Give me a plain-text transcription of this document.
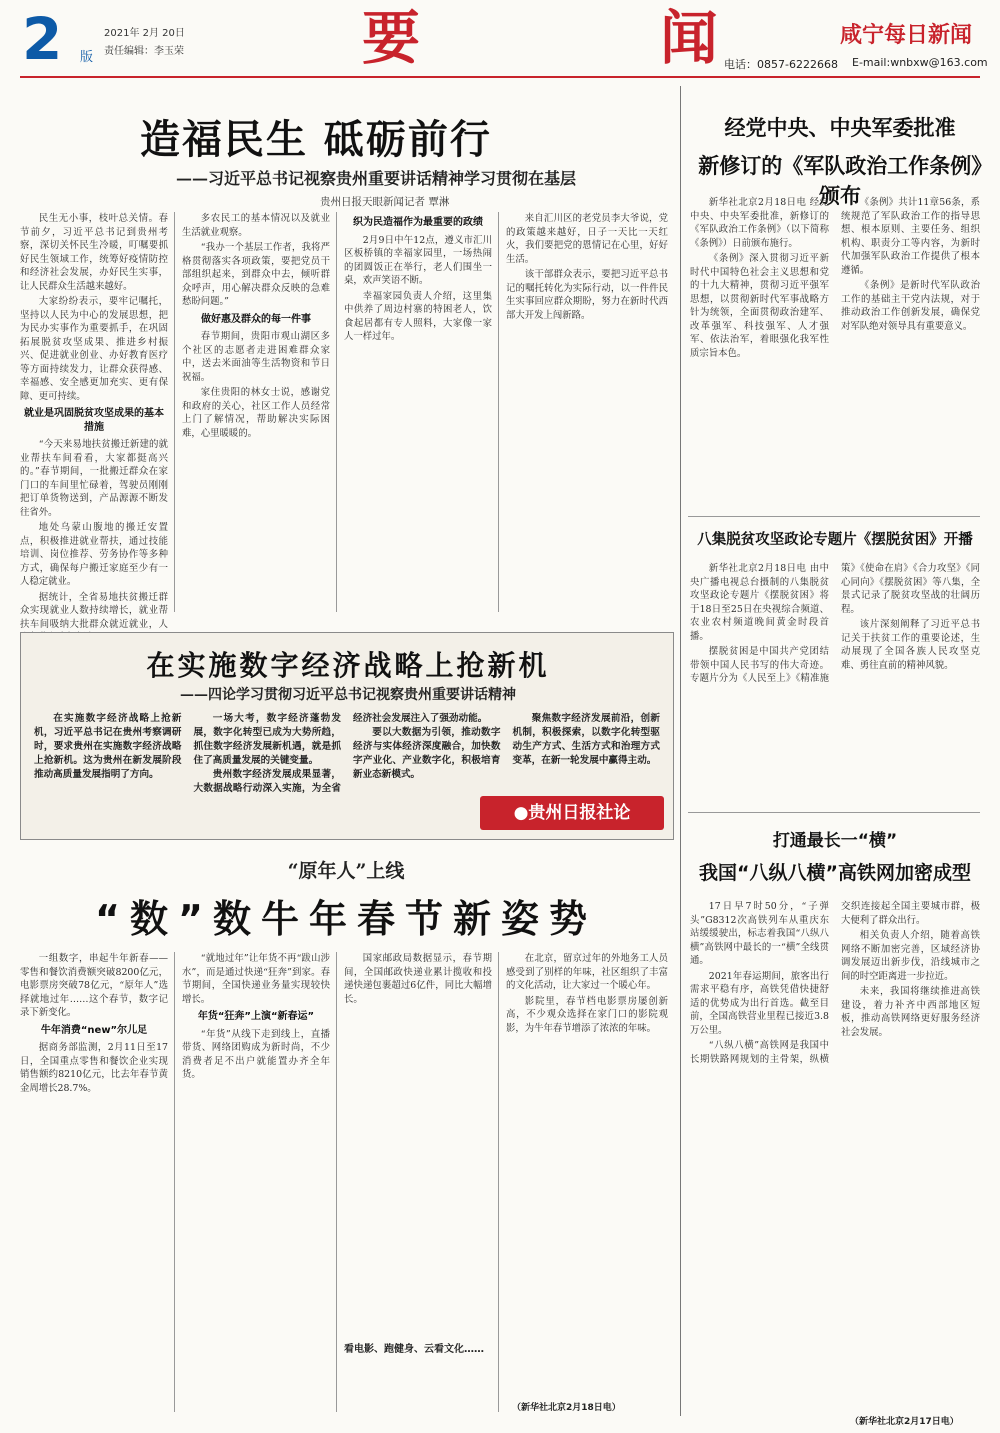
2 版
2021年 2月 20日
责任编辑：李玉荣	要	闻	咸宁每日新闻
电话：0857-6222668 E-mail:wnbxw@163.com
造福民生 砥砺前行
——习近平总书记视察贵州重要讲话精神学习贯彻在基层
贵州日报天眼新闻记者 覃淋

民生无小事，枝叶总关情。春节前夕，习近平总书记到贵州考察，深切关怀民生冷暖，叮嘱要抓好民生领域工作，统筹好疫情防控和经济社会发展，办好民生实事，让人民群众生活越来越好。

大家纷纷表示，要牢记嘱托，坚持以人民为中心的发展思想，把为民办实事作为重要抓手，在巩固拓展脱贫攻坚成果、推进乡村振兴、促进就业创业、办好教育医疗等方面持续发力，让群众获得感、幸福感、安全感更加充实、更有保障、更可持续。

就业是巩固脱贫攻坚成果的基本措施

“今天来易地扶贫搬迁新建的就业帮扶车间看看，大家都挺高兴的。”春节期间，一批搬迁群众在家门口的车间里忙碌着，驾驶员刚刚把订单货物送到，产品源源不断发往省外。

地处乌蒙山腹地的搬迁安置点，积极推进就业帮扶，通过技能培训、岗位推荐、劳务协作等多种方式，确保每户搬迁家庭至少有一人稳定就业。

据统计，全省易地扶贫搬迁群众实现就业人数持续增长，就业帮扶车间吸纳大批群众就近就业，人

多农民工的基本情况以及就业生活就业观察。

“我办一个基层工作者，我将严格贯彻落实各项政策，要把党员干部组织起来，到群众中去，倾听群众呼声，用心解决群众反映的急难愁盼问题。”

做好惠及群众的每一件事

春节期间，贵阳市观山湖区多个社区的志愿者走进困难群众家中，送去米面油等生活物资和节日祝福。

家住贵阳的林女士说，感谢党和政府的关心，社区工作人员经常上门了解情况，帮助解决实际困难，心里暖暖的。

织为民造福作为最重要的政绩

2月9日中午12点，遵义市汇川区板桥镇的幸福家园里，一场热闹的团圆饭正在举行，老人们围坐一桌，欢声笑语不断。

幸福家园负责人介绍，这里集中供养了周边村寨的特困老人，饮食起居都有专人照料，大家像一家人一样过年。

来自汇川区的老党员李大爷说，党的政策越来越好，日子一天比一天红火，我们要把党的恩情记在心里，好好生活。

该干部群众表示，要把习近平总书记的嘱托转化为实际行动，以一件件民生实事回应群众期盼，努力在新时代西部大开发上闯新路。

经党中央、中央军委批准
新修订的《军队政治工作条例》颁布

新华社北京2月18日电 经党中央、中央军委批准，新修订的《军队政治工作条例》（以下简称《条例》）日前颁布施行。

《条例》深入贯彻习近平新时代中国特色社会主义思想和党的十九大精神，贯彻习近平强军思想，以贯彻新时代军事战略方针为统领，全面贯彻政治建军、改革强军、科技强军、人才强军、依法治军，着眼强化我军性质宗旨本色。

《条例》共计11章56条，系统规范了军队政治工作的指导思想、根本原则、主要任务、组织机构、职责分工等内容，为新时代加强军队政治工作提供了根本遵循。

《条例》是新时代军队政治工作的基础主干党内法规，对于推动政治工作创新发展，确保党对军队绝对领导具有重要意义。

八集脱贫攻坚政论专题片《摆脱贫困》开播

新华社北京2月18日电 由中央广播电视总台摄制的八集脱贫攻坚政论专题片《摆脱贫困》将于18日至25日在央视综合频道、农业农村频道晚间黄金时段首播。

摆脱贫困是中国共产党团结带领中国人民书写的伟大奇迹。专题片分为《人民至上》《精准施策》《使命在肩》《合力攻坚》《同心同向》《摆脱贫困》等八集，全景式记录了脱贫攻坚战的壮阔历程。

该片深刻阐释了习近平总书记关于扶贫工作的重要论述，生动展现了全国各族人民攻坚克难、勇往直前的精神风貌。

在实施数字经济战略上抢新机
——四论学习贯彻习近平总书记视察贵州重要讲话精神

在实施数字经济战略上抢新机，习近平总书记在贵州考察调研时，要求贵州在实施数字经济战略上抢新机。这为贵州在新发展阶段推动高质量发展指明了方向。

一场大考，数字经济蓬勃发展，数字化转型已成为大势所趋，抓住数字经济发展新机遇，就是抓住了高质量发展的关键变量。

贵州数字经济发展成果显著，大数据战略行动深入实施，为全省经济社会发展注入了强劲动能。

要以大数据为引领，推动数字经济与实体经济深度融合，加快数字产业化、产业数字化，积极培育新业态新模式。

聚焦数字经济发展前沿，创新机制，积极探索，以数字化转型驱动生产方式、生活方式和治理方式变革，在新一轮发展中赢得主动。

●贵州日报社论
打通最长一“横”
我国“八纵八横”高铁网加密成型

17日早7时50分，“子弹头”G8312次高铁列车从重庆东站缓缓驶出，标志着我国“八纵八横”高铁网中最长的一“横”全线贯通。

2021年春运期间，旅客出行需求平稳有序，高铁凭借快捷舒适的优势成为出行首选。截至目前，全国高铁营业里程已接近3.8万公里。

“八纵八横”高铁网是我国中长期铁路网规划的主骨架，纵横交织连接起全国主要城市群，极大便利了群众出行。

相关负责人介绍，随着高铁网络不断加密完善，区域经济协调发展迈出新步伐，沿线城市之间的时空距离进一步拉近。

未来，我国将继续推进高铁建设，着力补齐中西部地区短板，推动高铁网络更好服务经济社会发展。

（新华社北京2月17日电）
“原年人”上线
“数”数牛年春节新姿势

一组数字，串起牛年新春——零售和餐饮消费额突破8200亿元，电影票房突破78亿元，“原年人”选择就地过年……这个春节，数字记录下新变化。

牛年消费“new”尔儿足

据商务部监测，2月11日至17日，全国重点零售和餐饮企业实现销售额约8210亿元，比去年春节黄金周增长28.7%。

“就地过年”让年货不再“跋山涉水”，而是通过快递“狂奔”到家。春节期间，全国快递业务量实现较快增长。

年货“狂奔”上演“新春运”

“年货”从线下走到线上，直播带货、网络团购成为新时尚，不少消费者足不出户就能置办齐全年货。

国家邮政局数据显示，春节期间，全国邮政快递业累计揽收和投递快递包裹超过6亿件，同比大幅增长。

看电影、跑健身、云看文化……

在北京，留京过年的外地务工人员感受到了别样的年味，社区组织了丰富的文化活动，让大家过一个暖心年。

影院里，春节档电影票房屡创新高，不少观众选择在家门口的影院观影，为牛年春节增添了浓浓的年味。

（新华社北京2月18日电）
